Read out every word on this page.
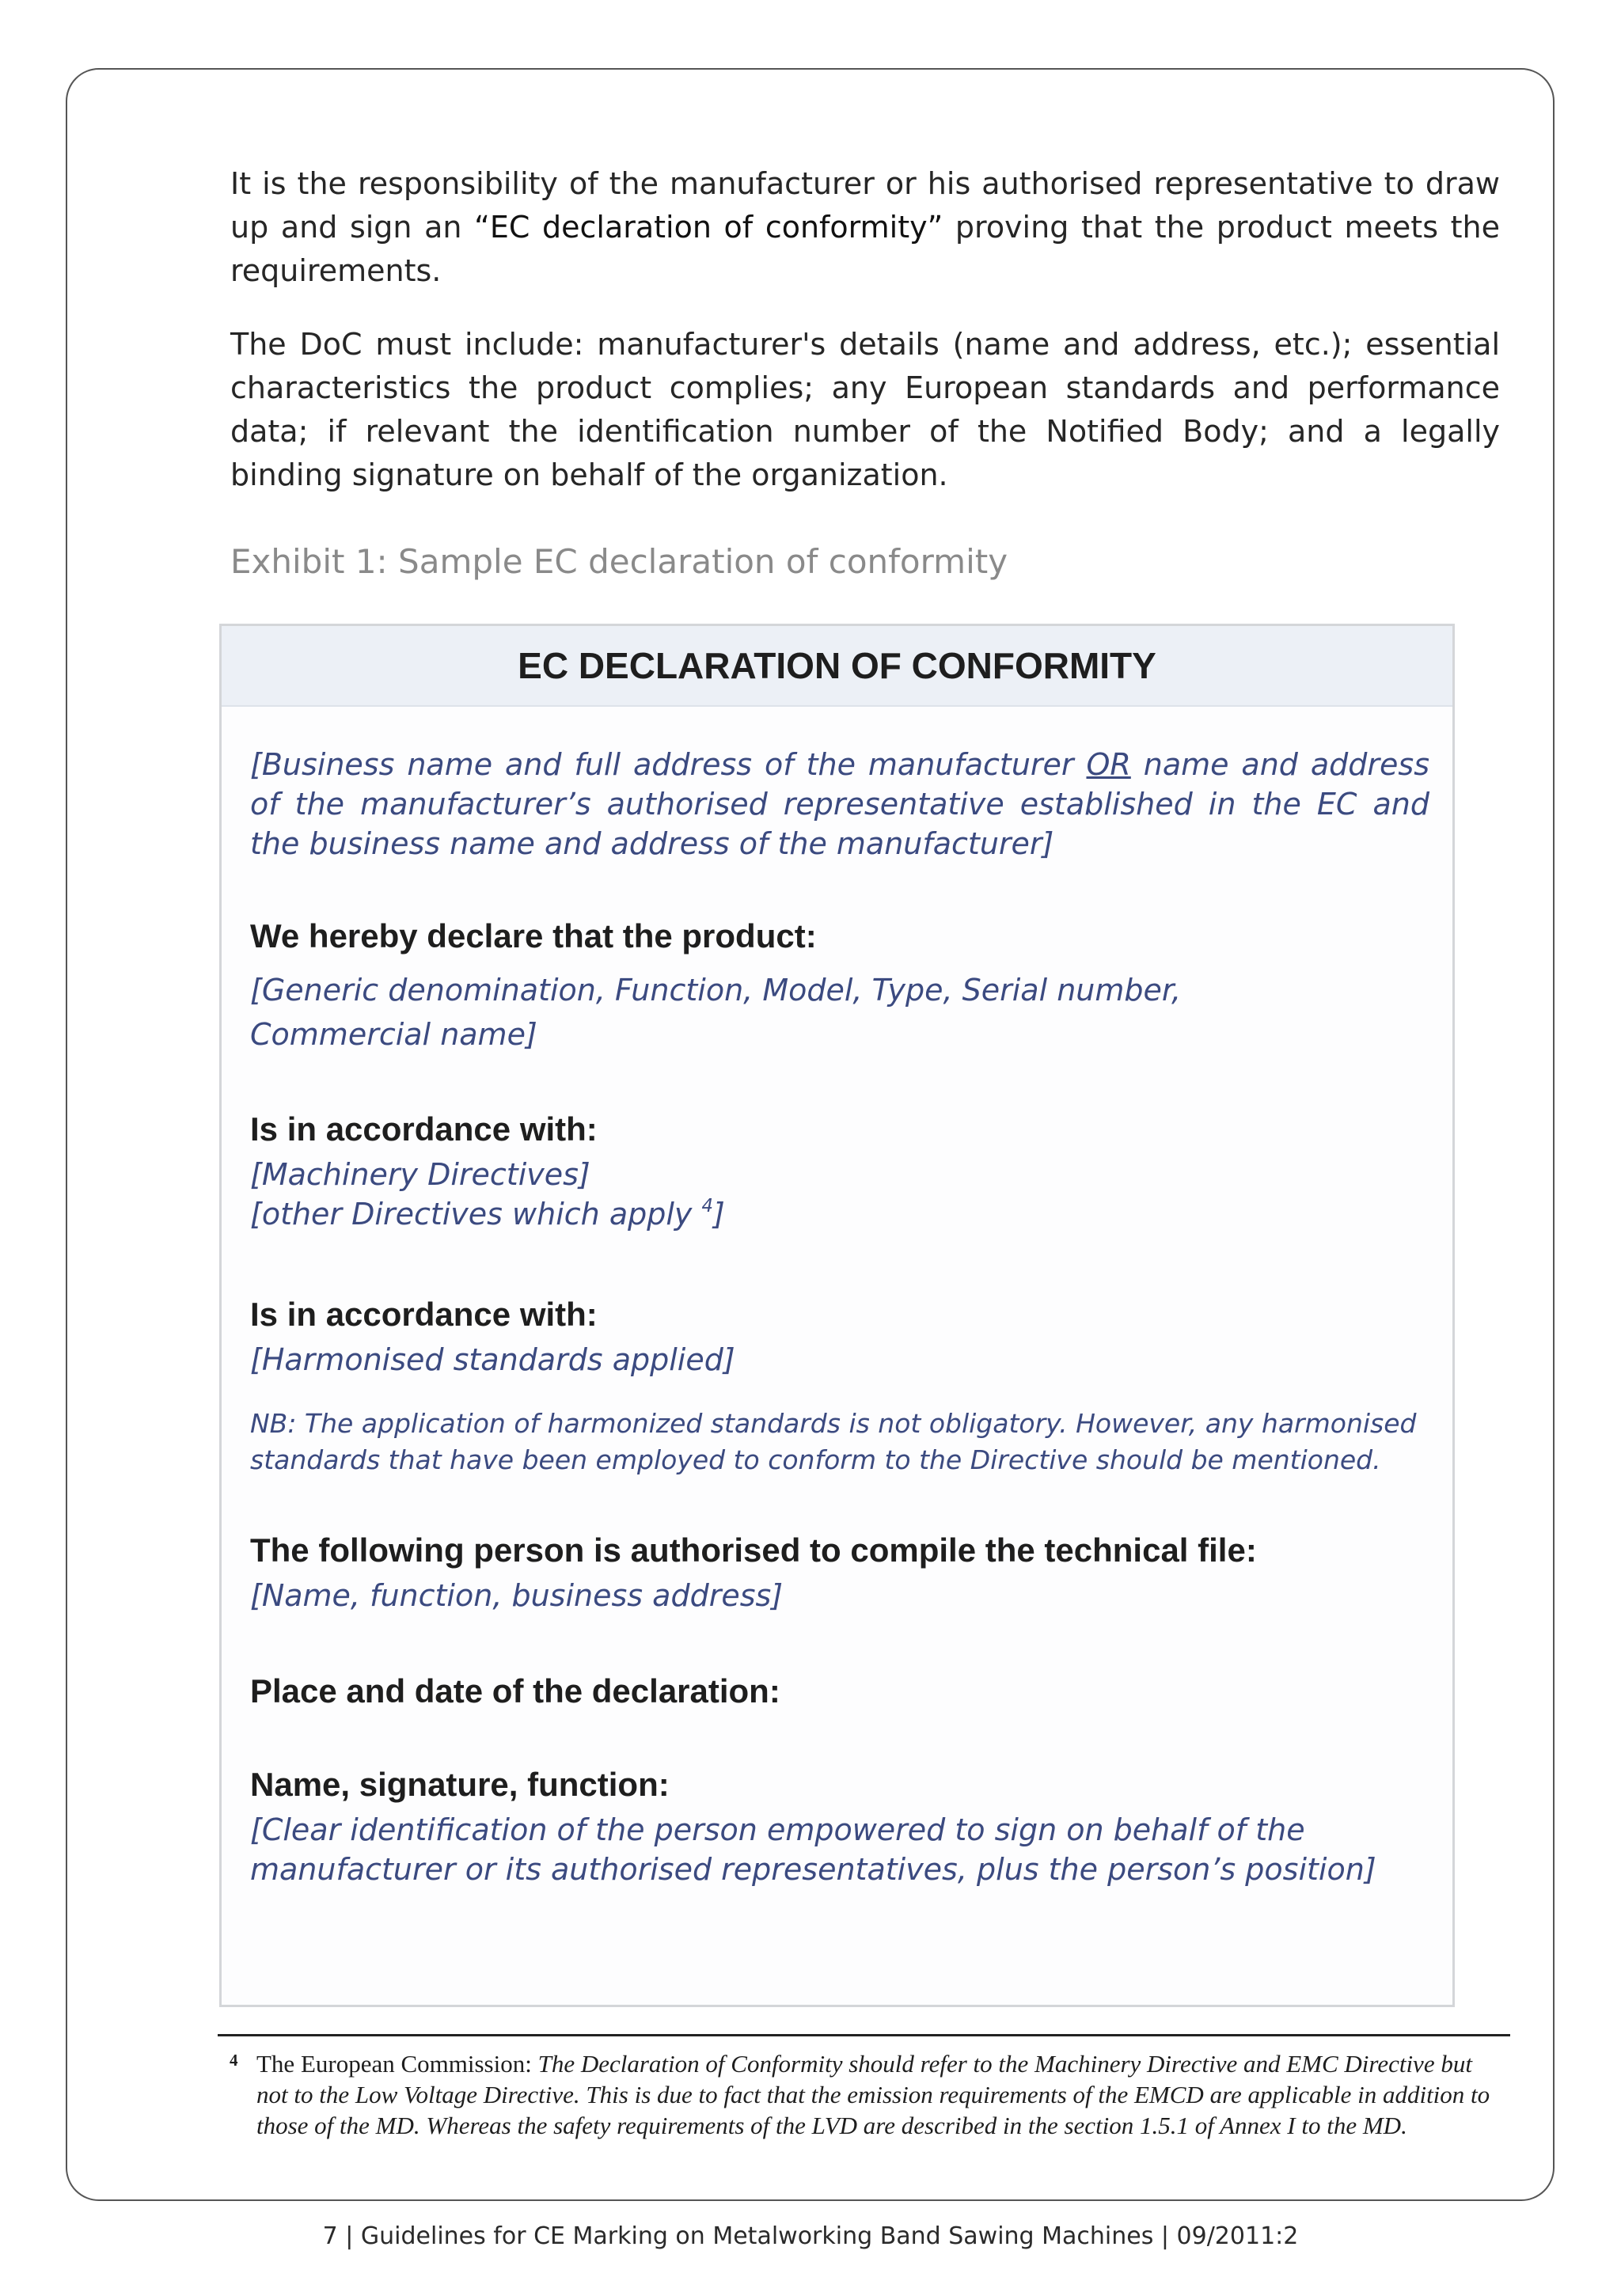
It is the responsibility of the manufacturer or his authorised representative to draw up and sign an “EC declaration of conformity” proving that the product meets the requirements.

The DoC must include: manufacturer's details (name and address, etc.); essential characteristics the product complies; any European standards and performance data; if relevant the identification number of the Notified Body; and a legally binding signature on behalf of the organization.

Exhibit 1: Sample EC declaration of conformity
EC DECLARATION OF CONFORMITY
[Business name and full address of the manufacturer OR name and address of the manufacturer’s authorised representative established in the EC and the business name and address of the manufacturer]
We hereby declare that the product:
[Generic denomination, Function, Model, Type, Serial number,
Commercial name]
Is in accordance with:
[Machinery Directives]
[other Directives which apply $^4$]
Is in accordance with:
[Harmonised standards applied]
NB: The application of harmonized standards is not obligatory. However, any harmonised standards that have been employed to conform to the Directive should be mentioned.
The following person is authorised to compile the technical file:
[Name, function, business address]
Place and date of the declaration:
Name, signature, function:
[Clear identification of the person empowered to sign on behalf of the
manufacturer or its authorised representatives, plus the person’s position]
4 The European Commission: The Declaration of Conformity should refer to the Machinery Directive and EMC Directive but not to the Low Voltage Directive. This is due to fact that the emission requirements of the EMCD are applicable in addition to those of the MD. Whereas the safety requirements of the LVD are described in the section 1.5.1 of Annex I to the MD.
7 | Guidelines for CE Marking on Metalworking Band Sawing Machines | 09/2011:2
